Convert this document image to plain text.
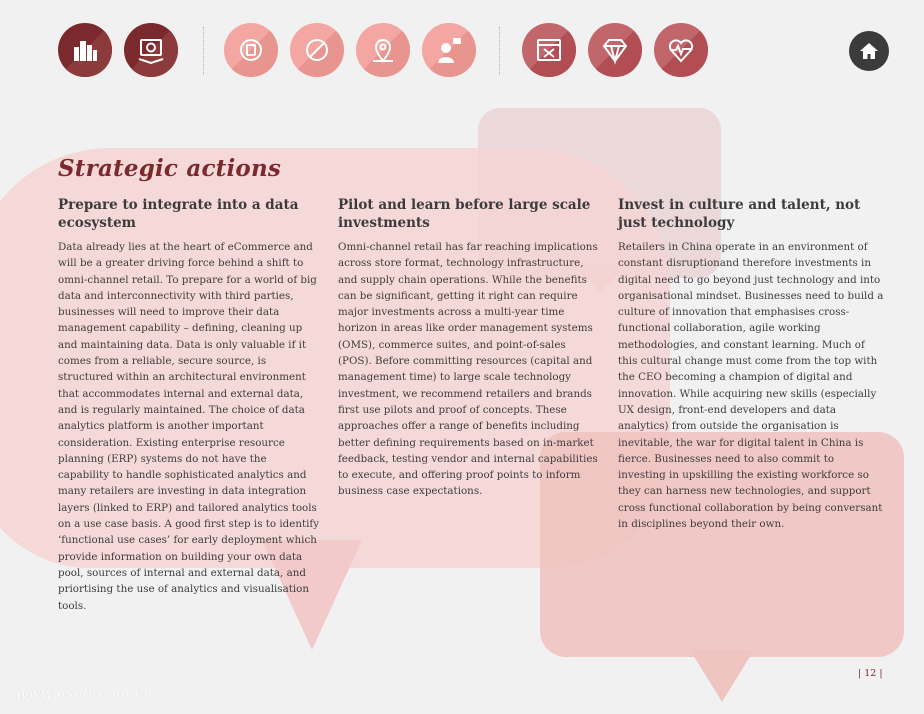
Strategic actions
Prepare to integrate into a data ecosystem

Data already lies at the heart of eCommerce and will be a greater driving force behind a shift to omni-channel retail. To prepare for a world of big data and interconnectivity with third parties, businesses will need to improve their data management capability – defining, cleaning up and maintaining data. Data is only valuable if it comes from a reliable, secure source, is structured within an architectural environment that accommodates internal and external data, and is regularly maintained. The choice of data analytics platform is another important consideration. Existing enterprise resource planning (ERP) systems do not have the capability to handle sophisticated analytics and many retailers are investing in data integration layers (linked to ERP) and tailored analytics tools on a use case basis. A good first step is to identify ‘functional use cases’ for early deployment which provide information on building your own data pool, sources of internal and external data, and priortising the use of analytics and visualisation tools.

Pilot and learn before large scale investments

Omni-channel retail has far reaching implications across store format, technology infrastructure, and supply chain operations. While the benefits can be significant, getting it right can require major investments across a multi-year time horizon in areas like order management systems (OMS), commerce suites, and point-of-sales (POS). Before committing resources (capital and management time) to large scale technology investment, we recommend retailers and brands first use pilots and proof of concepts. These approaches offer a range of benefits including better defining requirements based on in-market feedback, testing vendor and internal capabilities to execute, and offering proof points to inform business case expectations.

Invest in culture and talent, not just technology

Retailers in China operate in an environment of constant disruptionand therefore investments in digital need to go beyond just technology and into organisational mindset. Businesses need to build a culture of innovation that emphasises cross-functional collaboration, agile working methodologies, and constant learning. Much of this cultural change must come from the top with the CEO becoming a champion of digital and innovation. While acquiring new skills (especially UX design, front-end developers and data analytics) from outside the organisation is inevitable, the war for digital talent in China is fierce. Businesses need to also commit to investing in upskilling the existing workforce so they can harness new technologies, and support cross functional collaboration by being conversant in disciplines beyond their own.

| 12 |
www.uselt.com.cn
